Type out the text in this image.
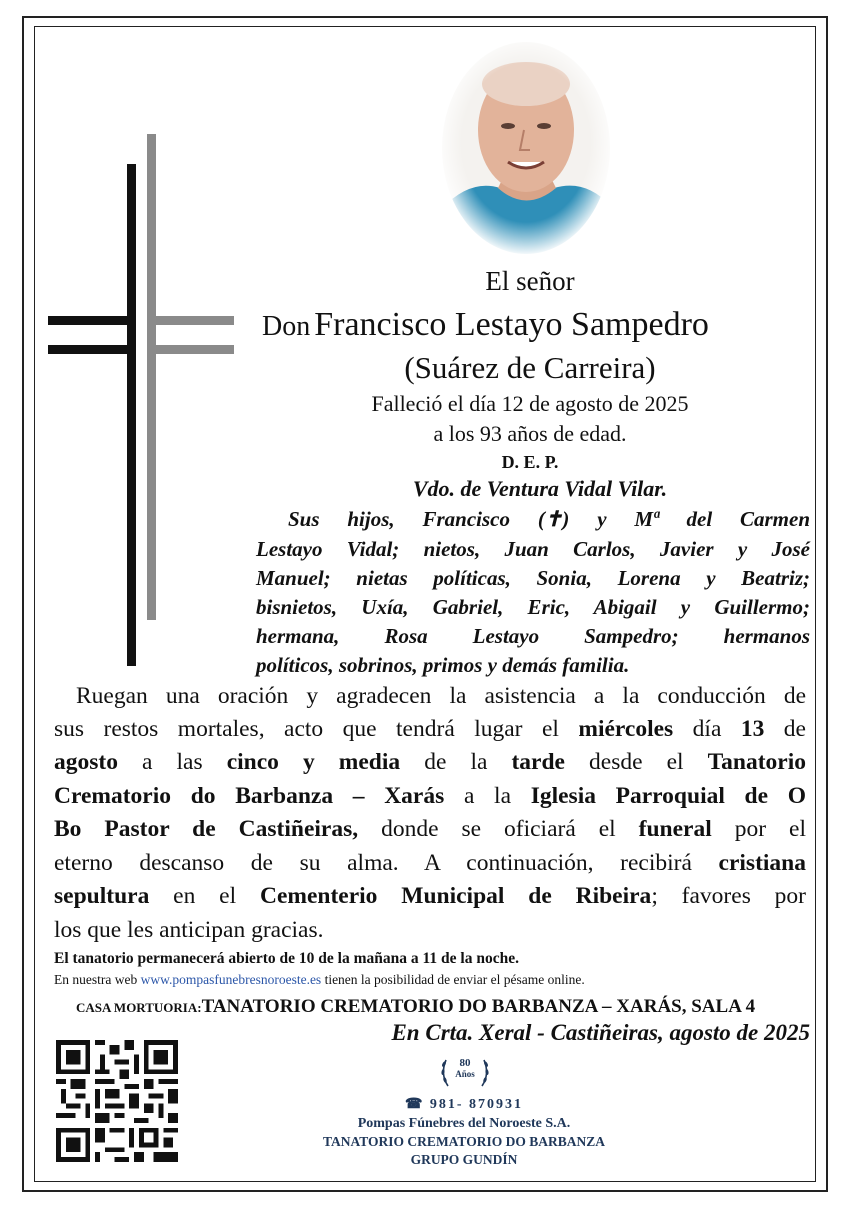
El señor
Don Francisco Lestayo Sampedro
(Suárez de Carreira)
Falleció el día 12 de agosto de 2025
a los 93 años de edad.
D. E. P.
Vdo. de Ventura Vidal Vilar.
Sus hijos, Francisco (✝) y Mª del Carmen
Lestayo Vidal; nietos, Juan Carlos, Javier y José
Manuel; nietas políticas, Sonia, Lorena y Beatriz;
bisnietos, Uxía, Gabriel, Eric, Abigail y Guillermo;
hermana, Rosa Lestayo Sampedro; hermanos
políticos, sobrinos, primos y demás familia.
Ruegan una oración y agradecen la asistencia a la conducción de
sus restos mortales, acto que tendrá lugar el miércoles día 13 de
agosto a las cinco y media de la tarde desde el Tanatorio
Crematorio do Barbanza – Xarás a la Iglesia Parroquial de O
Bo Pastor de Castiñeiras, donde se oficiará el funeral por el
eterno descanso de su alma. A continuación, recibirá cristiana
sepultura en el Cementerio Municipal de Ribeira; favores por
los que les anticipan gracias.
El tanatorio permanecerá abierto de 10 de la mañana a 11 de la noche.
En nuestra web www.pompasfunebresnoroeste.es tienen la posibilidad de enviar el pésame online.
CASA MORTUORIA:TANATORIO CREMATORIO DO BARBANZA – XARÁS, SALA 4
En Crta. Xeral - Castiñeiras, agosto de 2025
80
Años
☎ 981- 870931
Pompas Fúnebres del Noroeste S.A.
TANATORIO CREMATORIO DO BARBANZA
GRUPO GUNDÍN
